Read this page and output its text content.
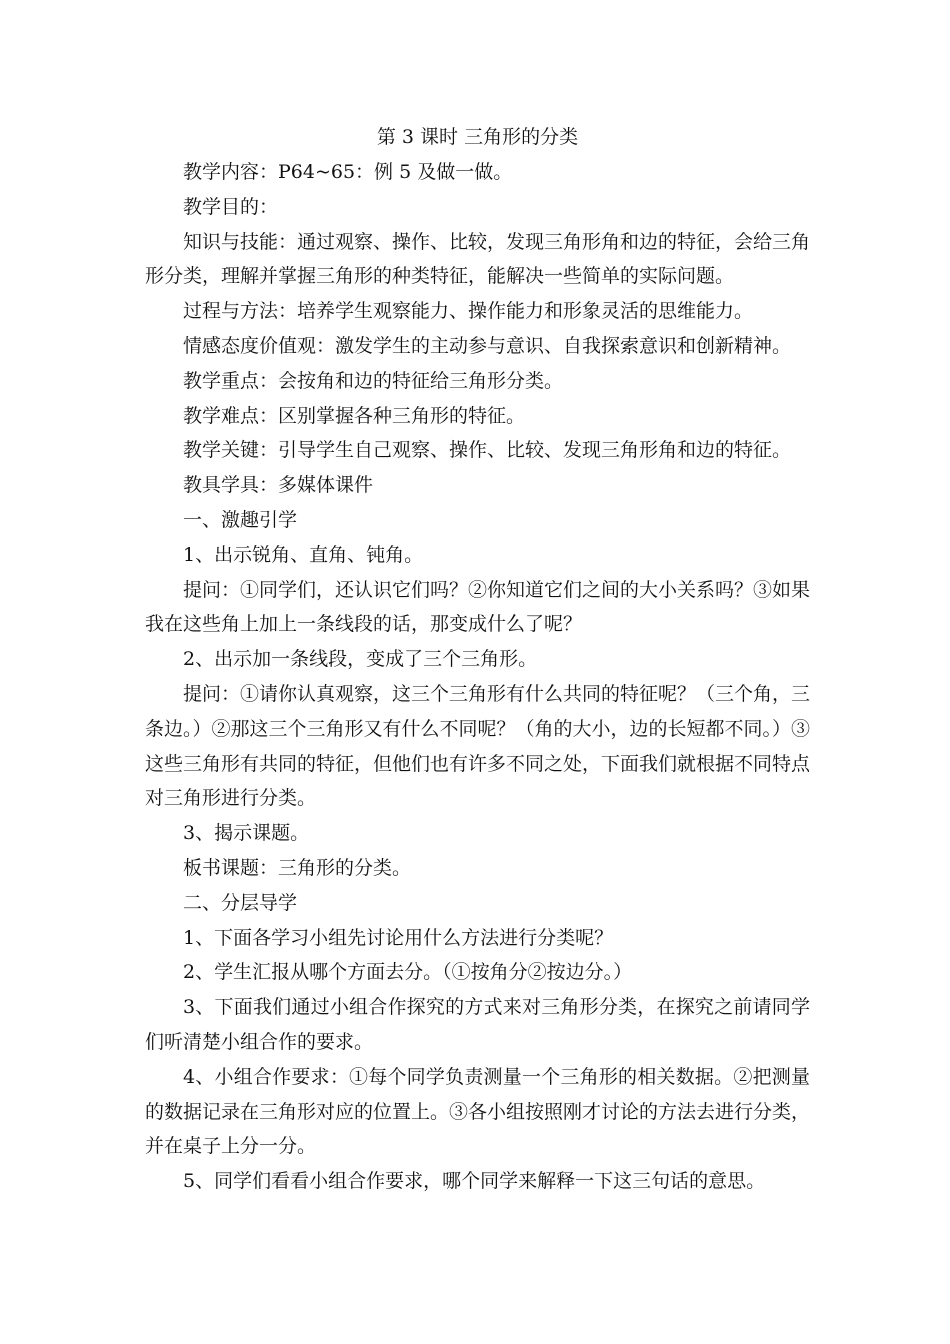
第 3 课时 三角形的分类

教学内容：P64~65：例 5 及做一做。

教学目的：

知识与技能：通过观察、操作、比较，发现三角形角和边的特征，会给三角形分类，理解并掌握三角形的种类特征，能解决一些简单的实际问题。

过程与方法：培养学生观察能力、操作能力和形象灵活的思维能力。

情感态度价值观：激发学生的主动参与意识、自我探索意识和创新精神。

教学重点：会按角和边的特征给三角形分类。

教学难点：区别掌握各种三角形的特征。

教学关键：引导学生自己观察、操作、比较、发现三角形角和边的特征。

教具学具：多媒体课件

一、激趣引学

1、出示锐角、直角、钝角。

提问：①同学们，还认识它们吗？②你知道它们之间的大小关系吗？③如果我在这些角上加上一条线段的话，那变成什么了呢？

2、出示加一条线段，变成了三个三角形。

提问：①请你认真观察，这三个三角形有什么共同的特征呢？（三个角，三条边。）②那这三个三角形又有什么不同呢？（角的大小，边的长短都不同。）③这些三角形有共同的特征，但他们也有许多不同之处，下面我们就根据不同特点对三角形进行分类。

3、揭示课题。

板书课题：三角形的分类。

二、分层导学

1、下面各学习小组先讨论用什么方法进行分类呢？

2、学生汇报从哪个方面去分。（①按角分②按边分。）

3、下面我们通过小组合作探究的方式来对三角形分类，在探究之前请同学们听清楚小组合作的要求。

4、小组合作要求：①每个同学负责测量一个三角形的相关数据。②把测量的数据记录在三角形对应的位置上。③各小组按照刚才讨论的方法去进行分类，并在桌子上分一分。

5、同学们看看小组合作要求，哪个同学来解释一下这三句话的意思。
